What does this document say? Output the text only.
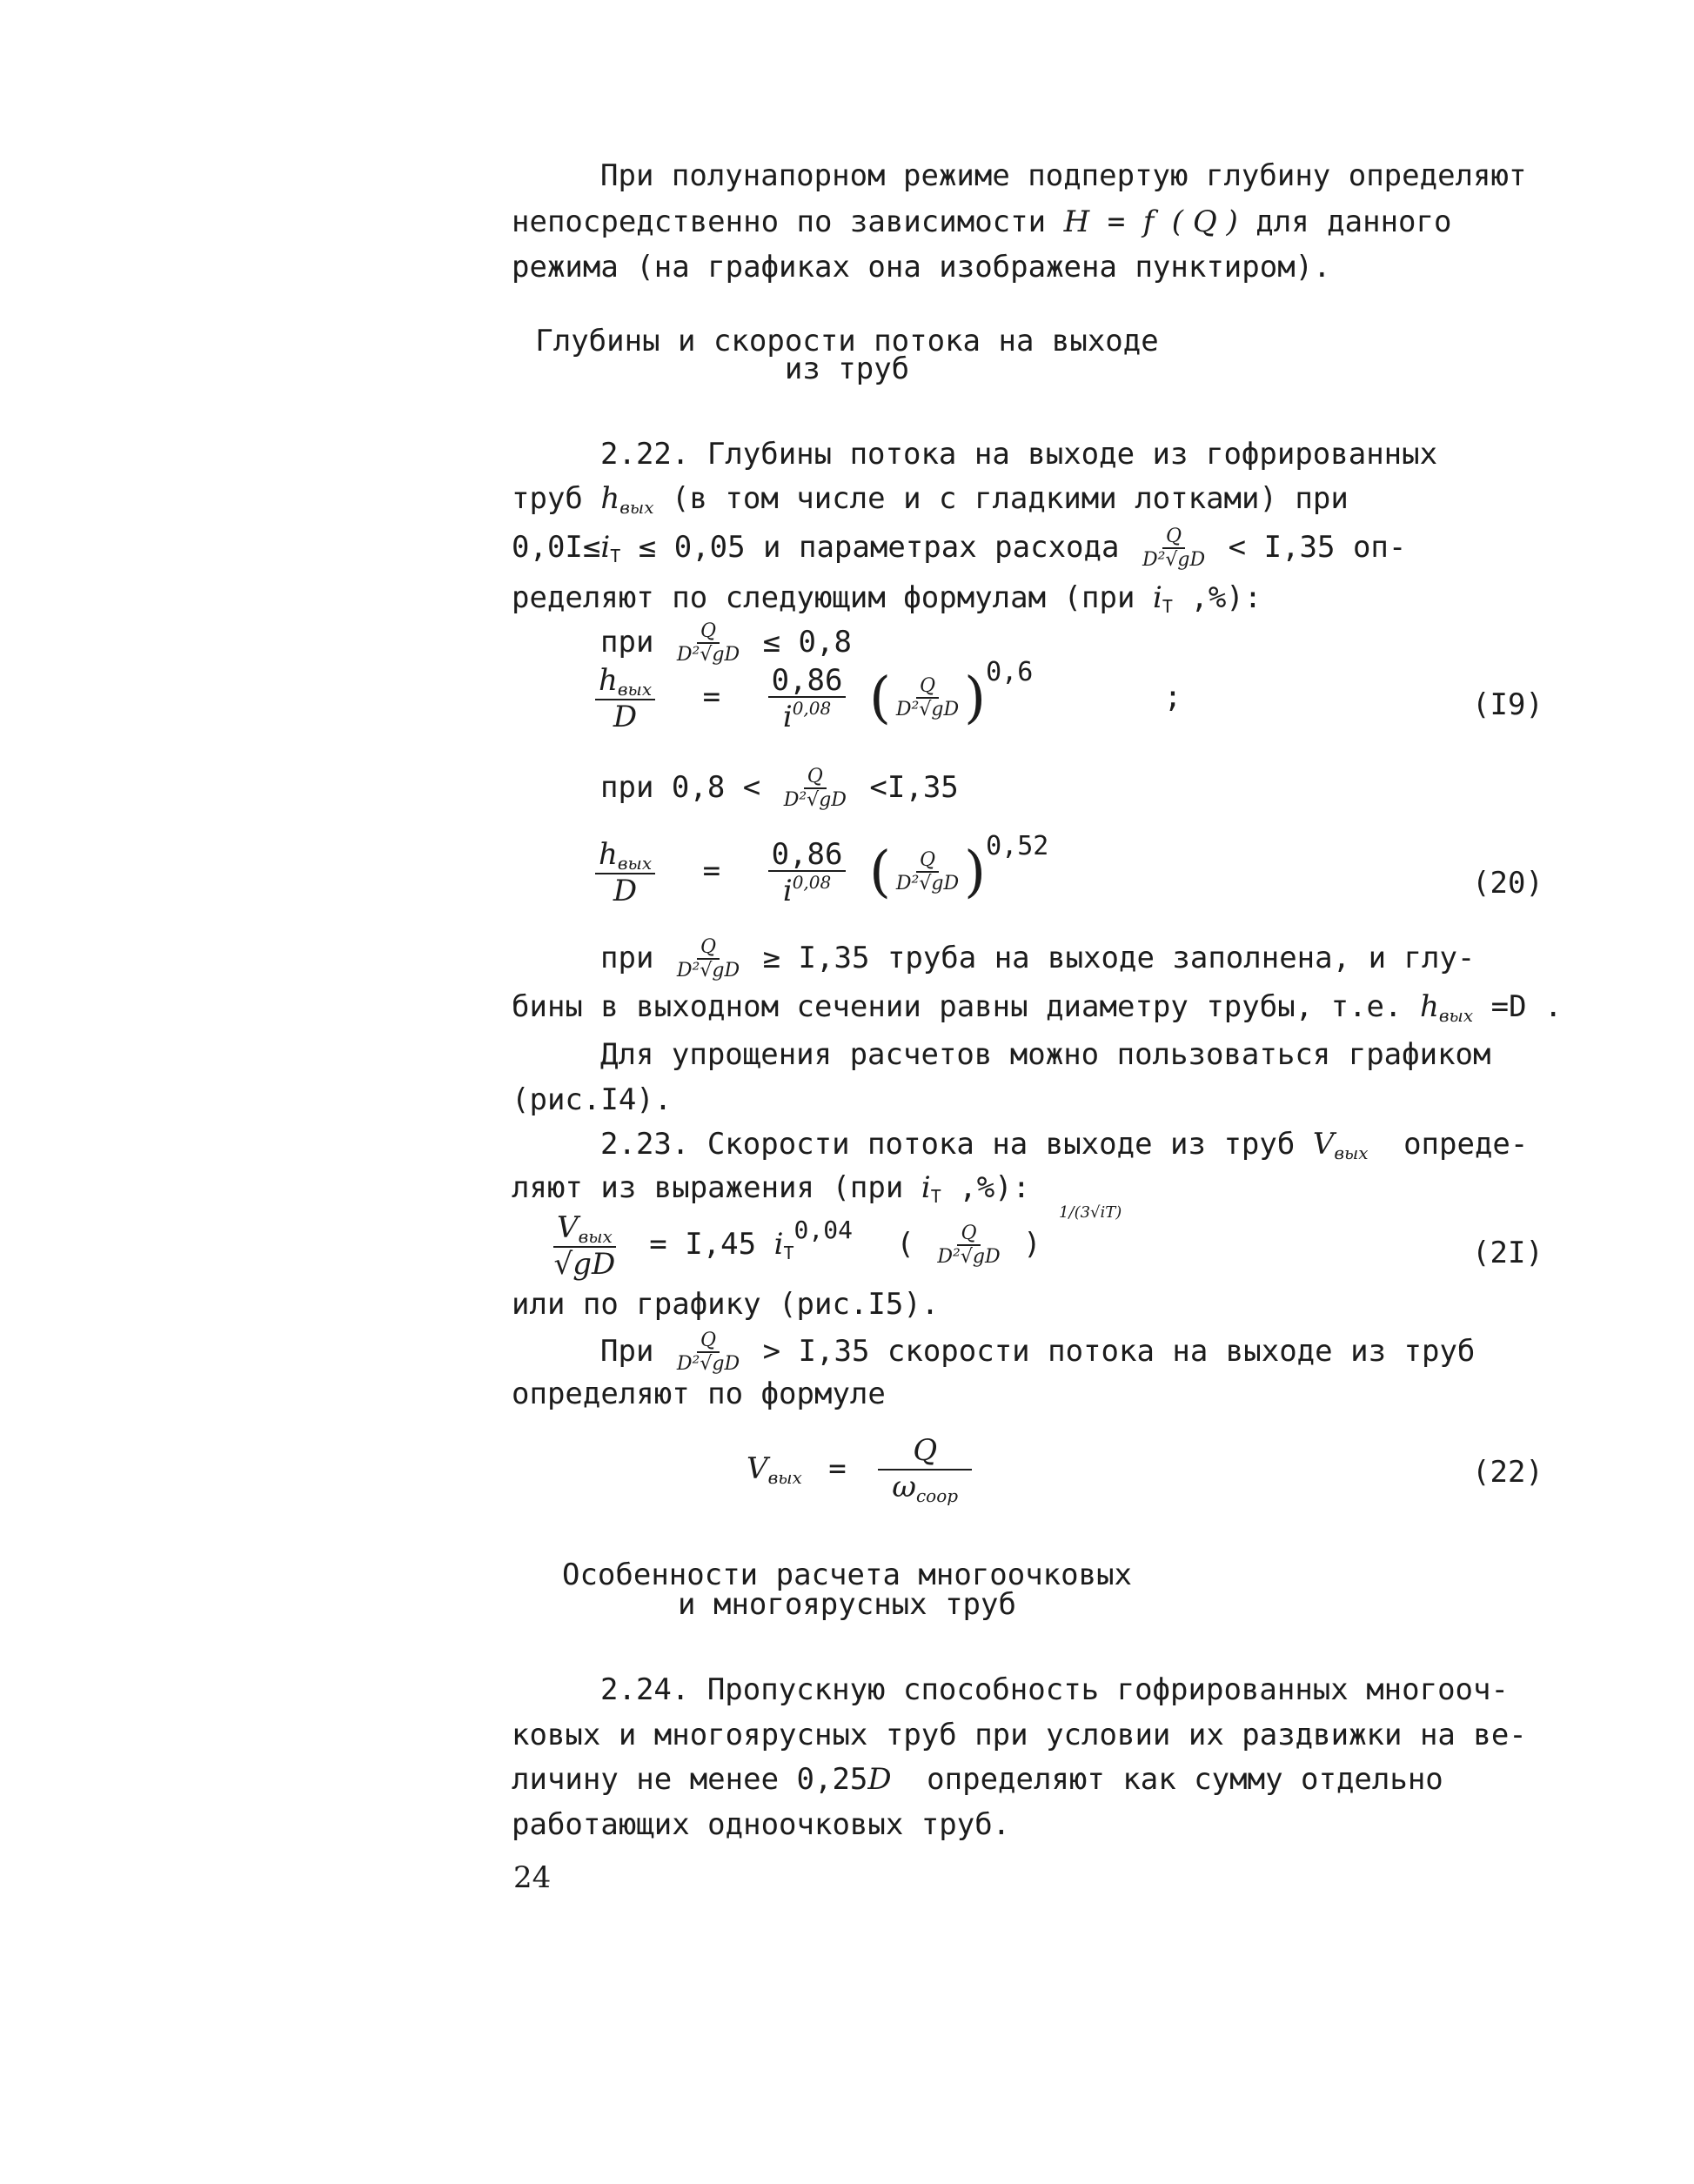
При полунапорном режиме подпертую глубину определяют
непосредственно по зависимости H = f ( Q ) для данного
режима (на графиках она изображена пунктиром).
Глубины и скорости потока на выходе
из труб
2.22. Глубины потока на выходе из гофрированных
труб $h_{вых}$ (в том числе и с гладкими лотками) при
$0,0I\le i_T \le 0,05$ и параметрах расхода $\frac{Q}{\text{D²√gD}} < I,35$ оп-
ределяют по следующим формулам (при $i_T$ ,%):
при $\frac{Q}{\text{D²√gD}} \le 0,8$
$\frac{h_{вых}}{D} = \frac{0,86}{i^{0,08}}$ ( $\frac{Q}{\text{D²√gD}} )0,6$ ;	(I9)
при $0,8 < \frac{Q}{\text{D²√gD}} <I,35$
$\frac{h_{вых}}{D} = \frac{0,86}{i^{0,08}}$ ( $\frac{Q}{\text{D²√gD}} )0,52$
(20)
при $\frac{Q}{\text{D²√gD}} \ge I,35$ труба на выходе заполнена, и глу-
бины в выходном сечении равны диаметру трубы, т.е. $h_{вых} =D$ .
Для упрощения расчетов можно пользоваться графиком
(рис.I4).
2.23. Скорости потока на выходе из труб $V_{вых}$ опреде-
ляют из выражения (при $i_T$ ,%):
$\frac{V_{вых}}{√gD} = I,45$ $i_T^{0,04}$ ( $\frac{Q}{\text{D²√gD}}$ ) $^{1/(3√iT)}$
(2I)
или по графику (рис.I5).
При $\frac{Q}{\text{D²√gD}} > I,35$ скорости потока на выходе из труб
определяют по формуле
$V_{вых} = \frac{Q}{\omega_{coop}}$	(22)
Особенности расчета многоочковых
и многоярусных труб
2.24. Пропускную способность гофрированных многооч-
ковых и многоярусных труб при условии их раздвижки на ве-
личину не менее 0,25D определяют как сумму отдельно
работающих одноочковых труб.
24
